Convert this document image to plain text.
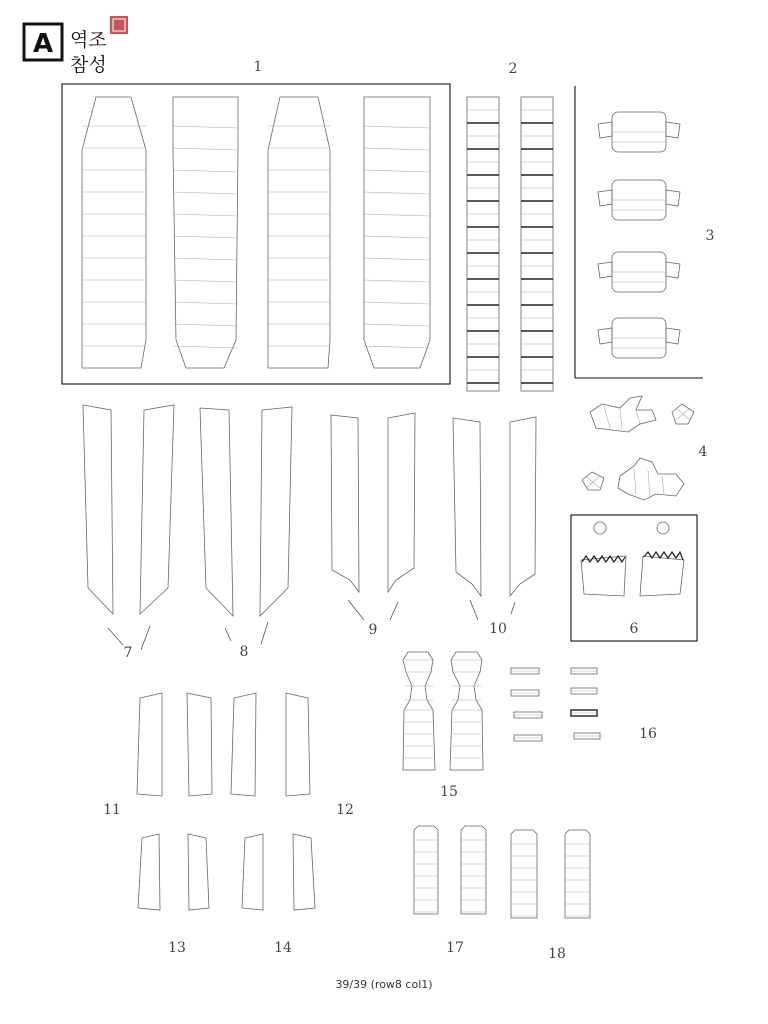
A 역조
참성	1	2
3
4
6
7	8
9	10
11	12
13	14
15
16
17	18
39/39 (row8 col1)
